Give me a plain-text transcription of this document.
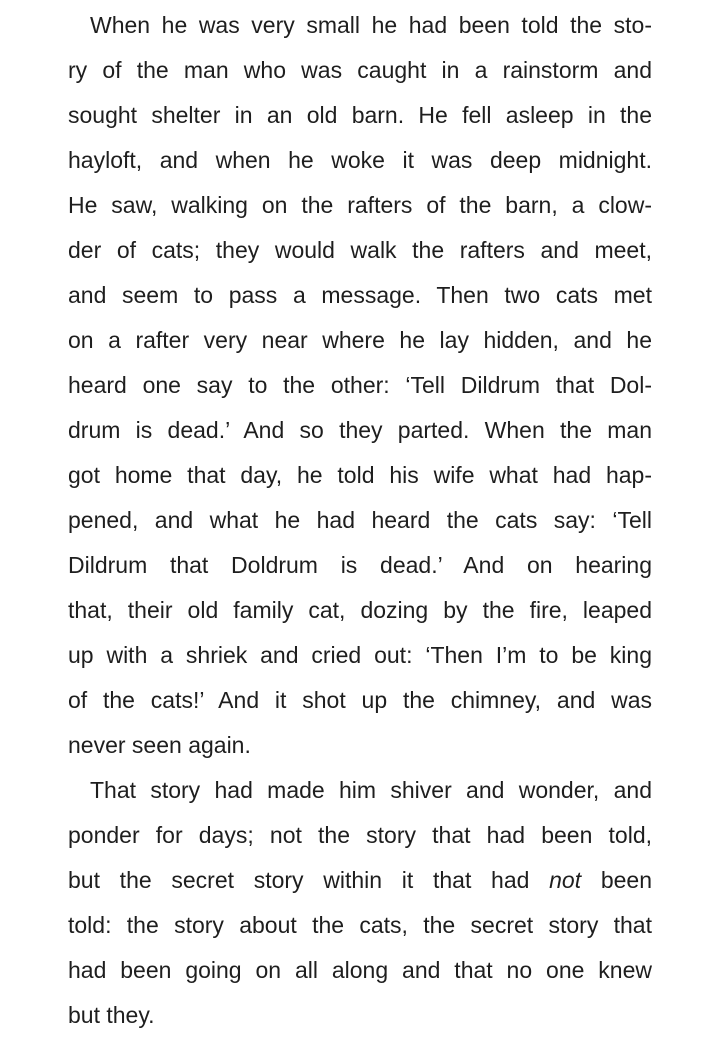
When he was very small he had been told the sto-
ry of the man who was caught in a rainstorm and
sought shelter in an old barn. He fell asleep in the
hayloft, and when he woke it was deep midnight.
He saw, walking on the rafters of the barn, a clow-
der of cats; they would walk the rafters and meet,
and seem to pass a message. Then two cats met
on a rafter very near where he lay hidden, and he
heard one say to the other: ‘Tell Dildrum that Dol-
drum is dead.’ And so they parted. When the man
got home that day, he told his wife what had hap-
pened, and what he had heard the cats say: ‘Tell
Dildrum that Doldrum is dead.’ And on hearing
that, their old family cat, dozing by the fire, leaped
up with a shriek and cried out: ‘Then I’m to be king
of the cats!’ And it shot up the chimney, and was
never seen again.
That story had made him shiver and wonder, and
ponder for days; not the story that had been told,
but the secret story within it that had not been
told: the story about the cats, the secret story that
had been going on all along and that no one knew
but they.
